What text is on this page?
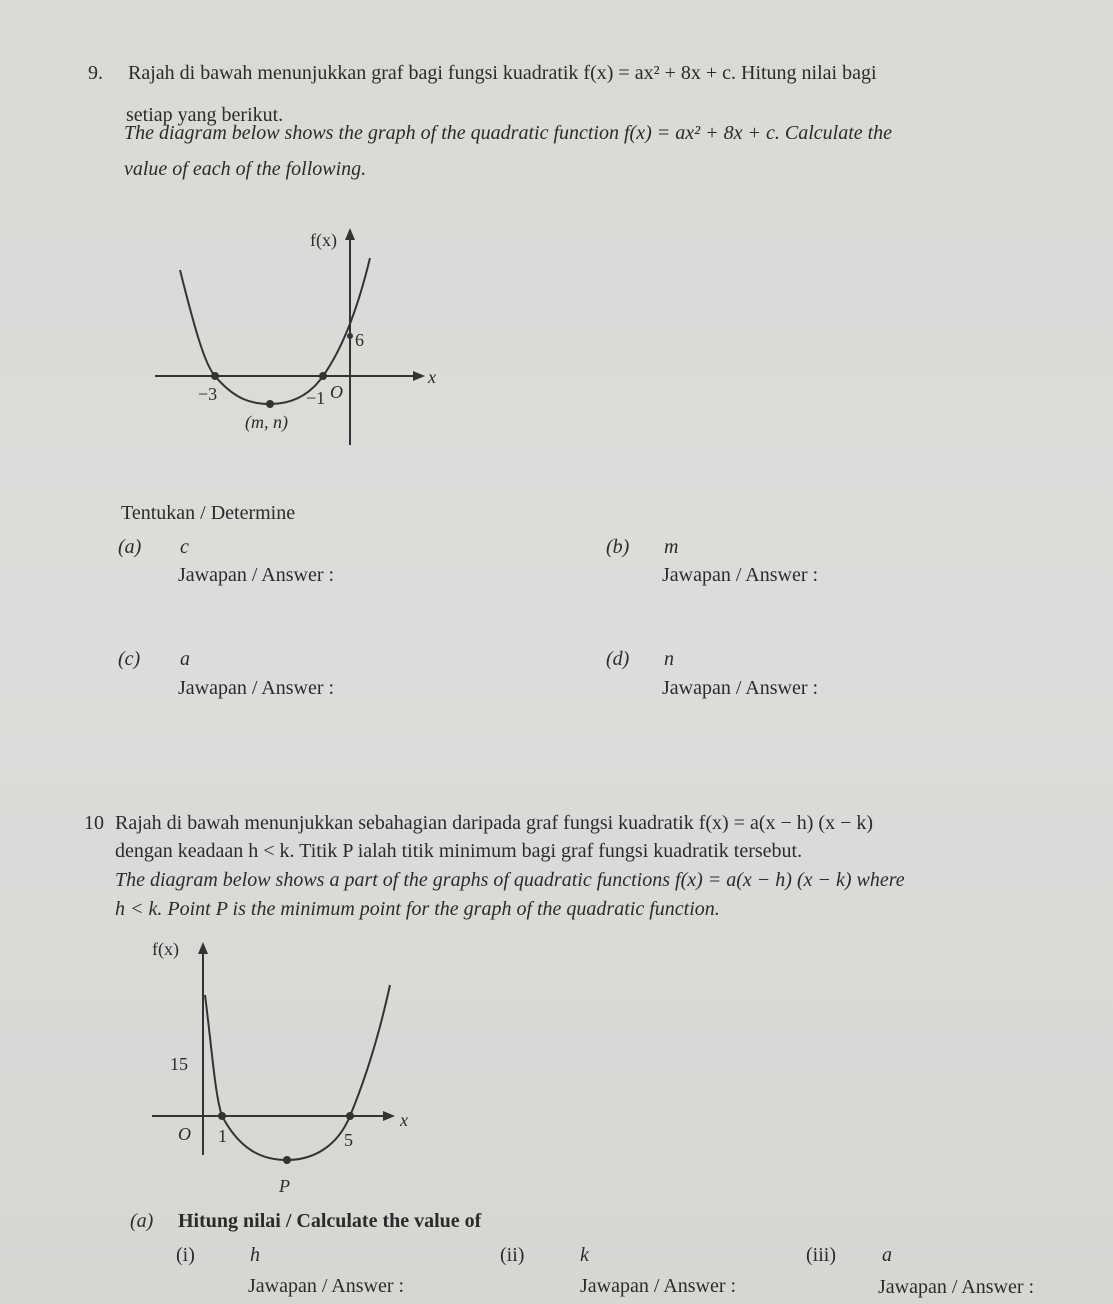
9. Rajah di bawah menunjukkan graf bagi fungsi kuadratik f(x) = ax² + 8x + c. Hitung nilai bagi
setiap yang berikut.
The diagram below shows the graph of the quadratic function f(x) = ax² + 8x + c. Calculate the
value of each of the following.
f(x)
x
6
−3	−1 O
(m, n)
f(x)
x
15
O 1	5
P
Tentukan / Determine
(a) c
Jawapan / Answer :
(b) m
Jawapan / Answer :
(c) a
Jawapan / Answer :
(d) n
Jawapan / Answer :
10 Rajah di bawah menunjukkan sebahagian daripada graf fungsi kuadratik f(x) = a(x − h) (x − k)
dengan keadaan h < k. Titik P ialah titik minimum bagi graf fungsi kuadratik tersebut.
The diagram below shows a part of the graphs of quadratic functions f(x) = a(x − h) (x − k) where
h < k. Point P is the minimum point for the graph of the quadratic function.
(a) Hitung nilai / Calculate the value of
(i)	h
Jawapan / Answer :
(ii)	k
Jawapan / Answer :
(iii) a
Jawapan / Answer :
